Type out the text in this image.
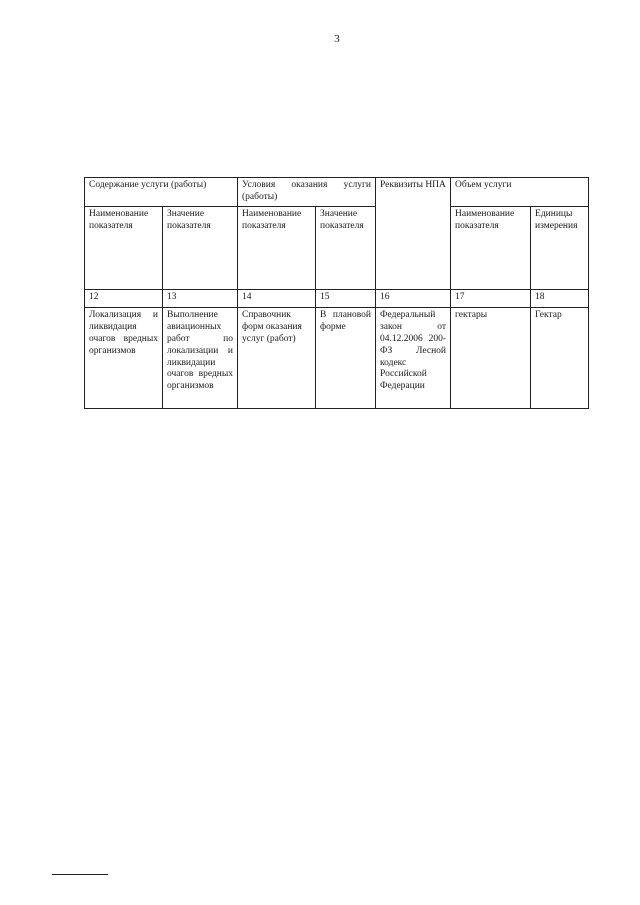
3
Содержание услуги (работы)		Условия оказания услуги (работы)		Реквизиты НПА	Объем услуги	
Наименование показателя	Значение показателя	Наименование показателя	Значение показателя		Наименование показателя	Единицы измерения
12	13	14	15	16	17	18
Локализация и ликвидация очагов вредных организмов	Выполнение авиационных работ по локализации и ликвидации очагов вредных организмов	Справочник форм оказания услуг (работ)	В плановой форме	Федеральный закон от 04.12.2006 200-ФЗ Лесной кодекс Российской Федерации	гектары	Гектар
